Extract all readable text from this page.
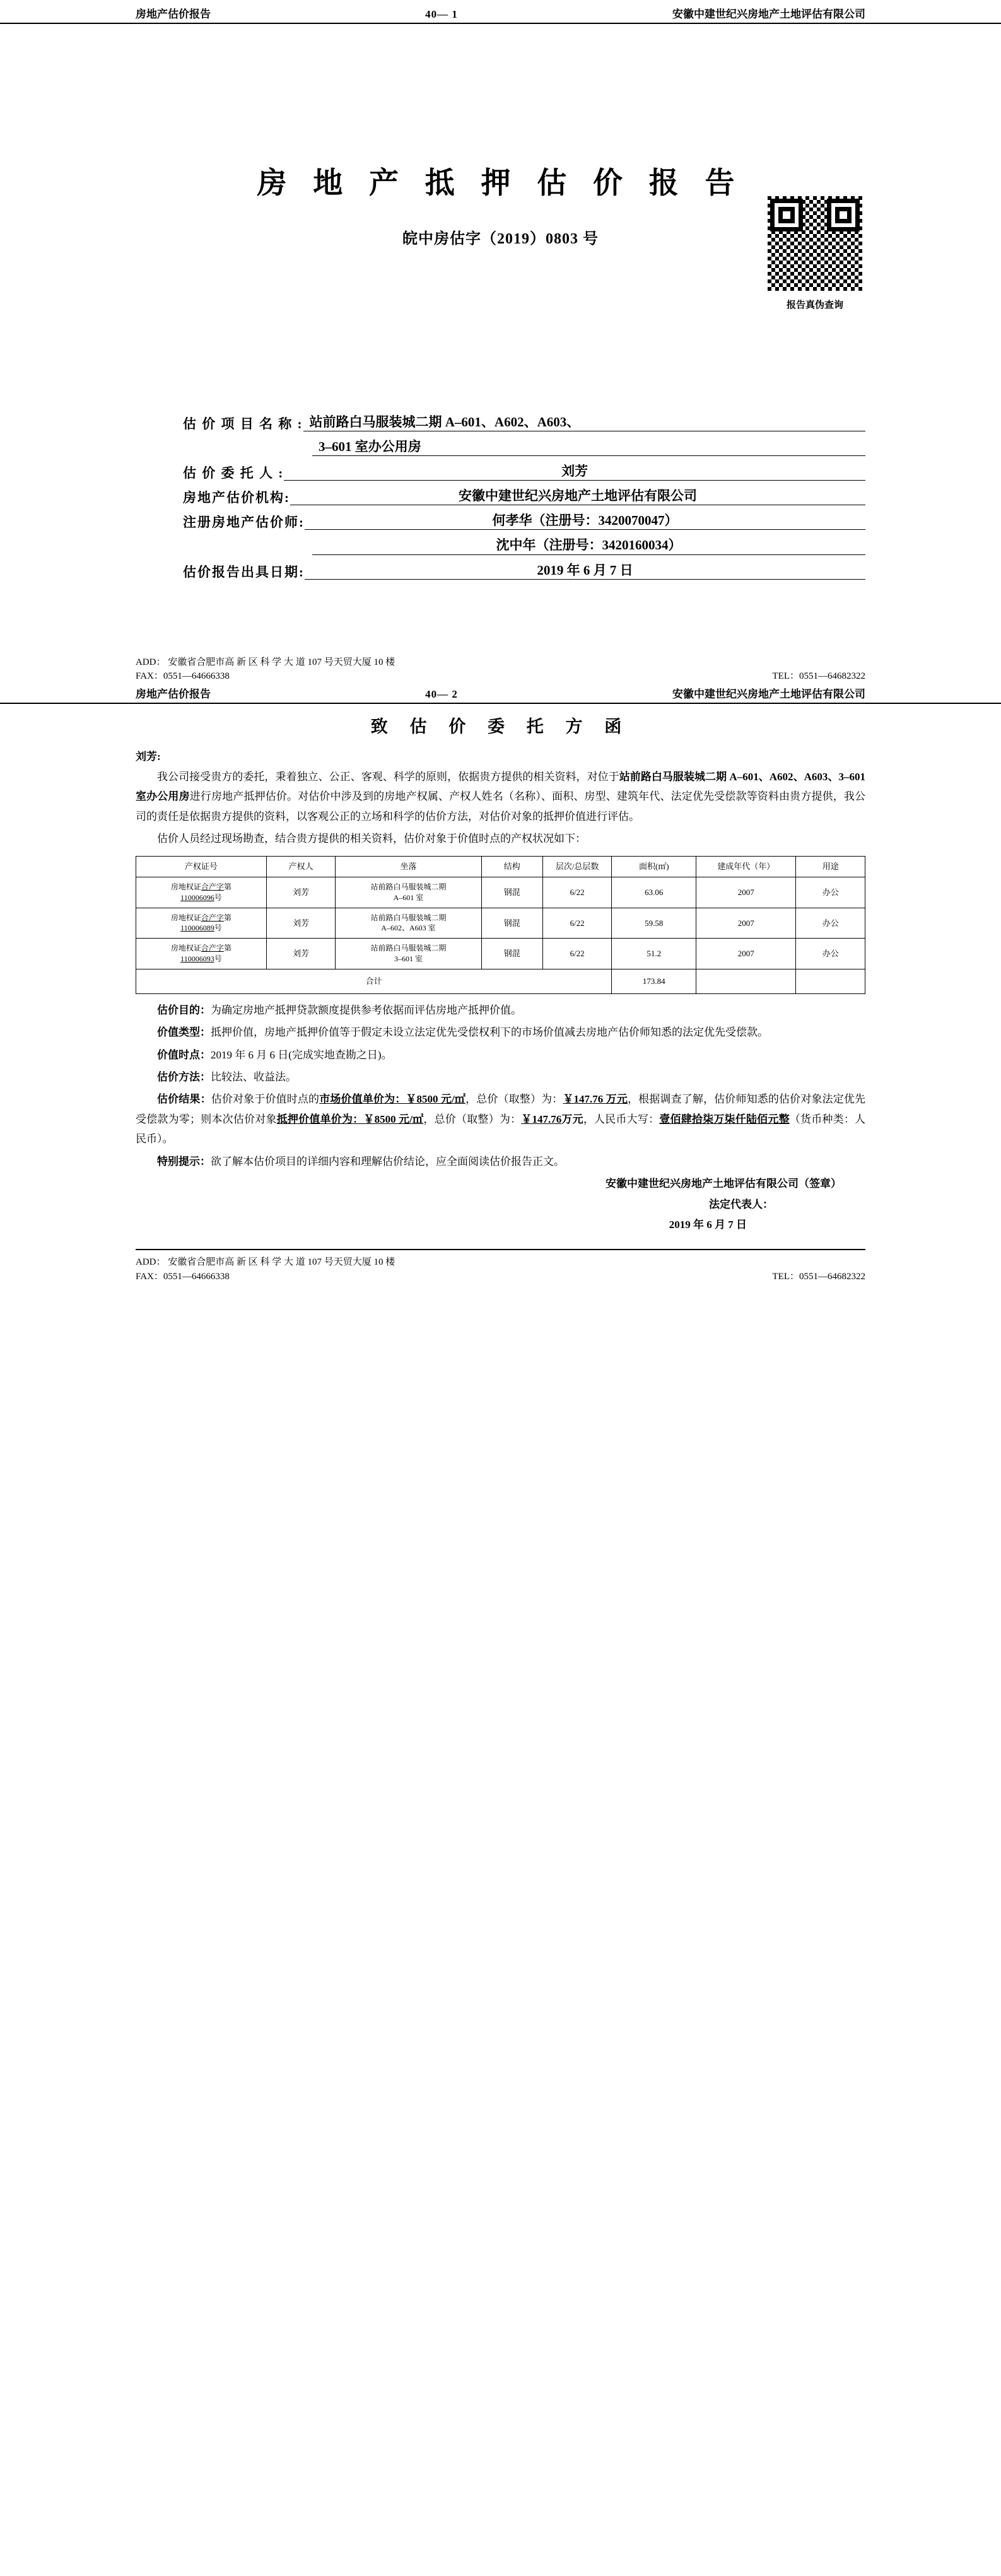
房地产估价报告	40— 1	安徽中建世纪兴房地产土地评估有限公司
报告真伪查询
房 地 产 抵 押 估 价 报 告
皖中房估字（2019）0803 号
估 价 项 目 名 称 : 站前路白马服装城二期 A–601、A602、A603、
3–601 室办公用房
估 价 委 托 人 :	刘芳
房地产估价机构:	安徽中建世纪兴房地产土地评估有限公司
注册房地产估价师:	何孝华（注册号：3420070047）
沈中年（注册号：3420160034）
估价报告出具日期:	2019 年 6 月 7 日
ADD： 安徽省合肥市高 新 区 科 学 大 道 107 号天贸大厦 10 楼
FAX：0551—64666338	TEL：0551—64682322
房地产估价报告	40— 2	安徽中建世纪兴房地产土地评估有限公司
致 估 价 委 托 方 函
刘芳:

我公司接受贵方的委托，秉着独立、公正、客观、科学的原则，依据贵方提供的相关资料，对位于站前路白马服装城二期 A–601、A602、A603、3–601 室办公用房进行房地产抵押估价。对估价中涉及到的房地产权属、产权人姓名（名称）、面积、房型、建筑年代、法定优先受偿款等资料由贵方提供，我公司的责任是依据贵方提供的资料，以客观公正的立场和科学的估价方法，对估价对象的抵押价值进行评估。

估价人员经过现场勘查，结合贵方提供的相关资料，估价对象于价值时点的产权状况如下：

产权证号	产权人	坐落	结构	层次/总层数	面积(㎡)	建成年代（年）	用途
房地权证合产字第
110006096号	刘芳	站前路白马服装城二期
A–601 室	钢混	6/22	63.06	2007	办公
房地权证合产字第
110006089号	刘芳	站前路白马服装城二期
A–602、A603 室	钢混	6/22	59.58	2007	办公
房地权证合产字第
110006093号	刘芳	站前路白马服装城二期
3–601 室	钢混	6/22	51.2	2007	办公
合计					173.84		

估价目的：为确定房地产抵押贷款额度提供参考依据而评估房地产抵押价值。

价值类型：抵押价值，房地产抵押价值等于假定未设立法定优先受偿权利下的市场价值减去房地产估价师知悉的法定优先受偿款。

价值时点：2019 年 6 月 6 日(完成实地查勘之日)。

估价方法：比较法、收益法。

估价结果：估价对象于价值时点的市场价值单价为：￥8500 元/㎡，总价（取整）为：￥147.76 万元，根据调查了解，估价师知悉的估价对象法定优先受偿款为零；则本次估价对象抵押价值单价为：￥8500 元/㎡，总价（取整）为：￥147.76万元，人民币大写：壹佰肆拾柒万柒仟陆佰元整（货币种类：人民币）。

特别提示：欲了解本估价项目的详细内容和理解估价结论，应全面阅读估价报告正文。

安徽中建世纪兴房地产土地评估有限公司（签章）
法定代表人：
2019 年 6 月 7 日
ADD： 安徽省合肥市高 新 区 科 学 大 道 107 号天贸大厦 10 楼
FAX：0551—64666338	TEL：0551—64682322
